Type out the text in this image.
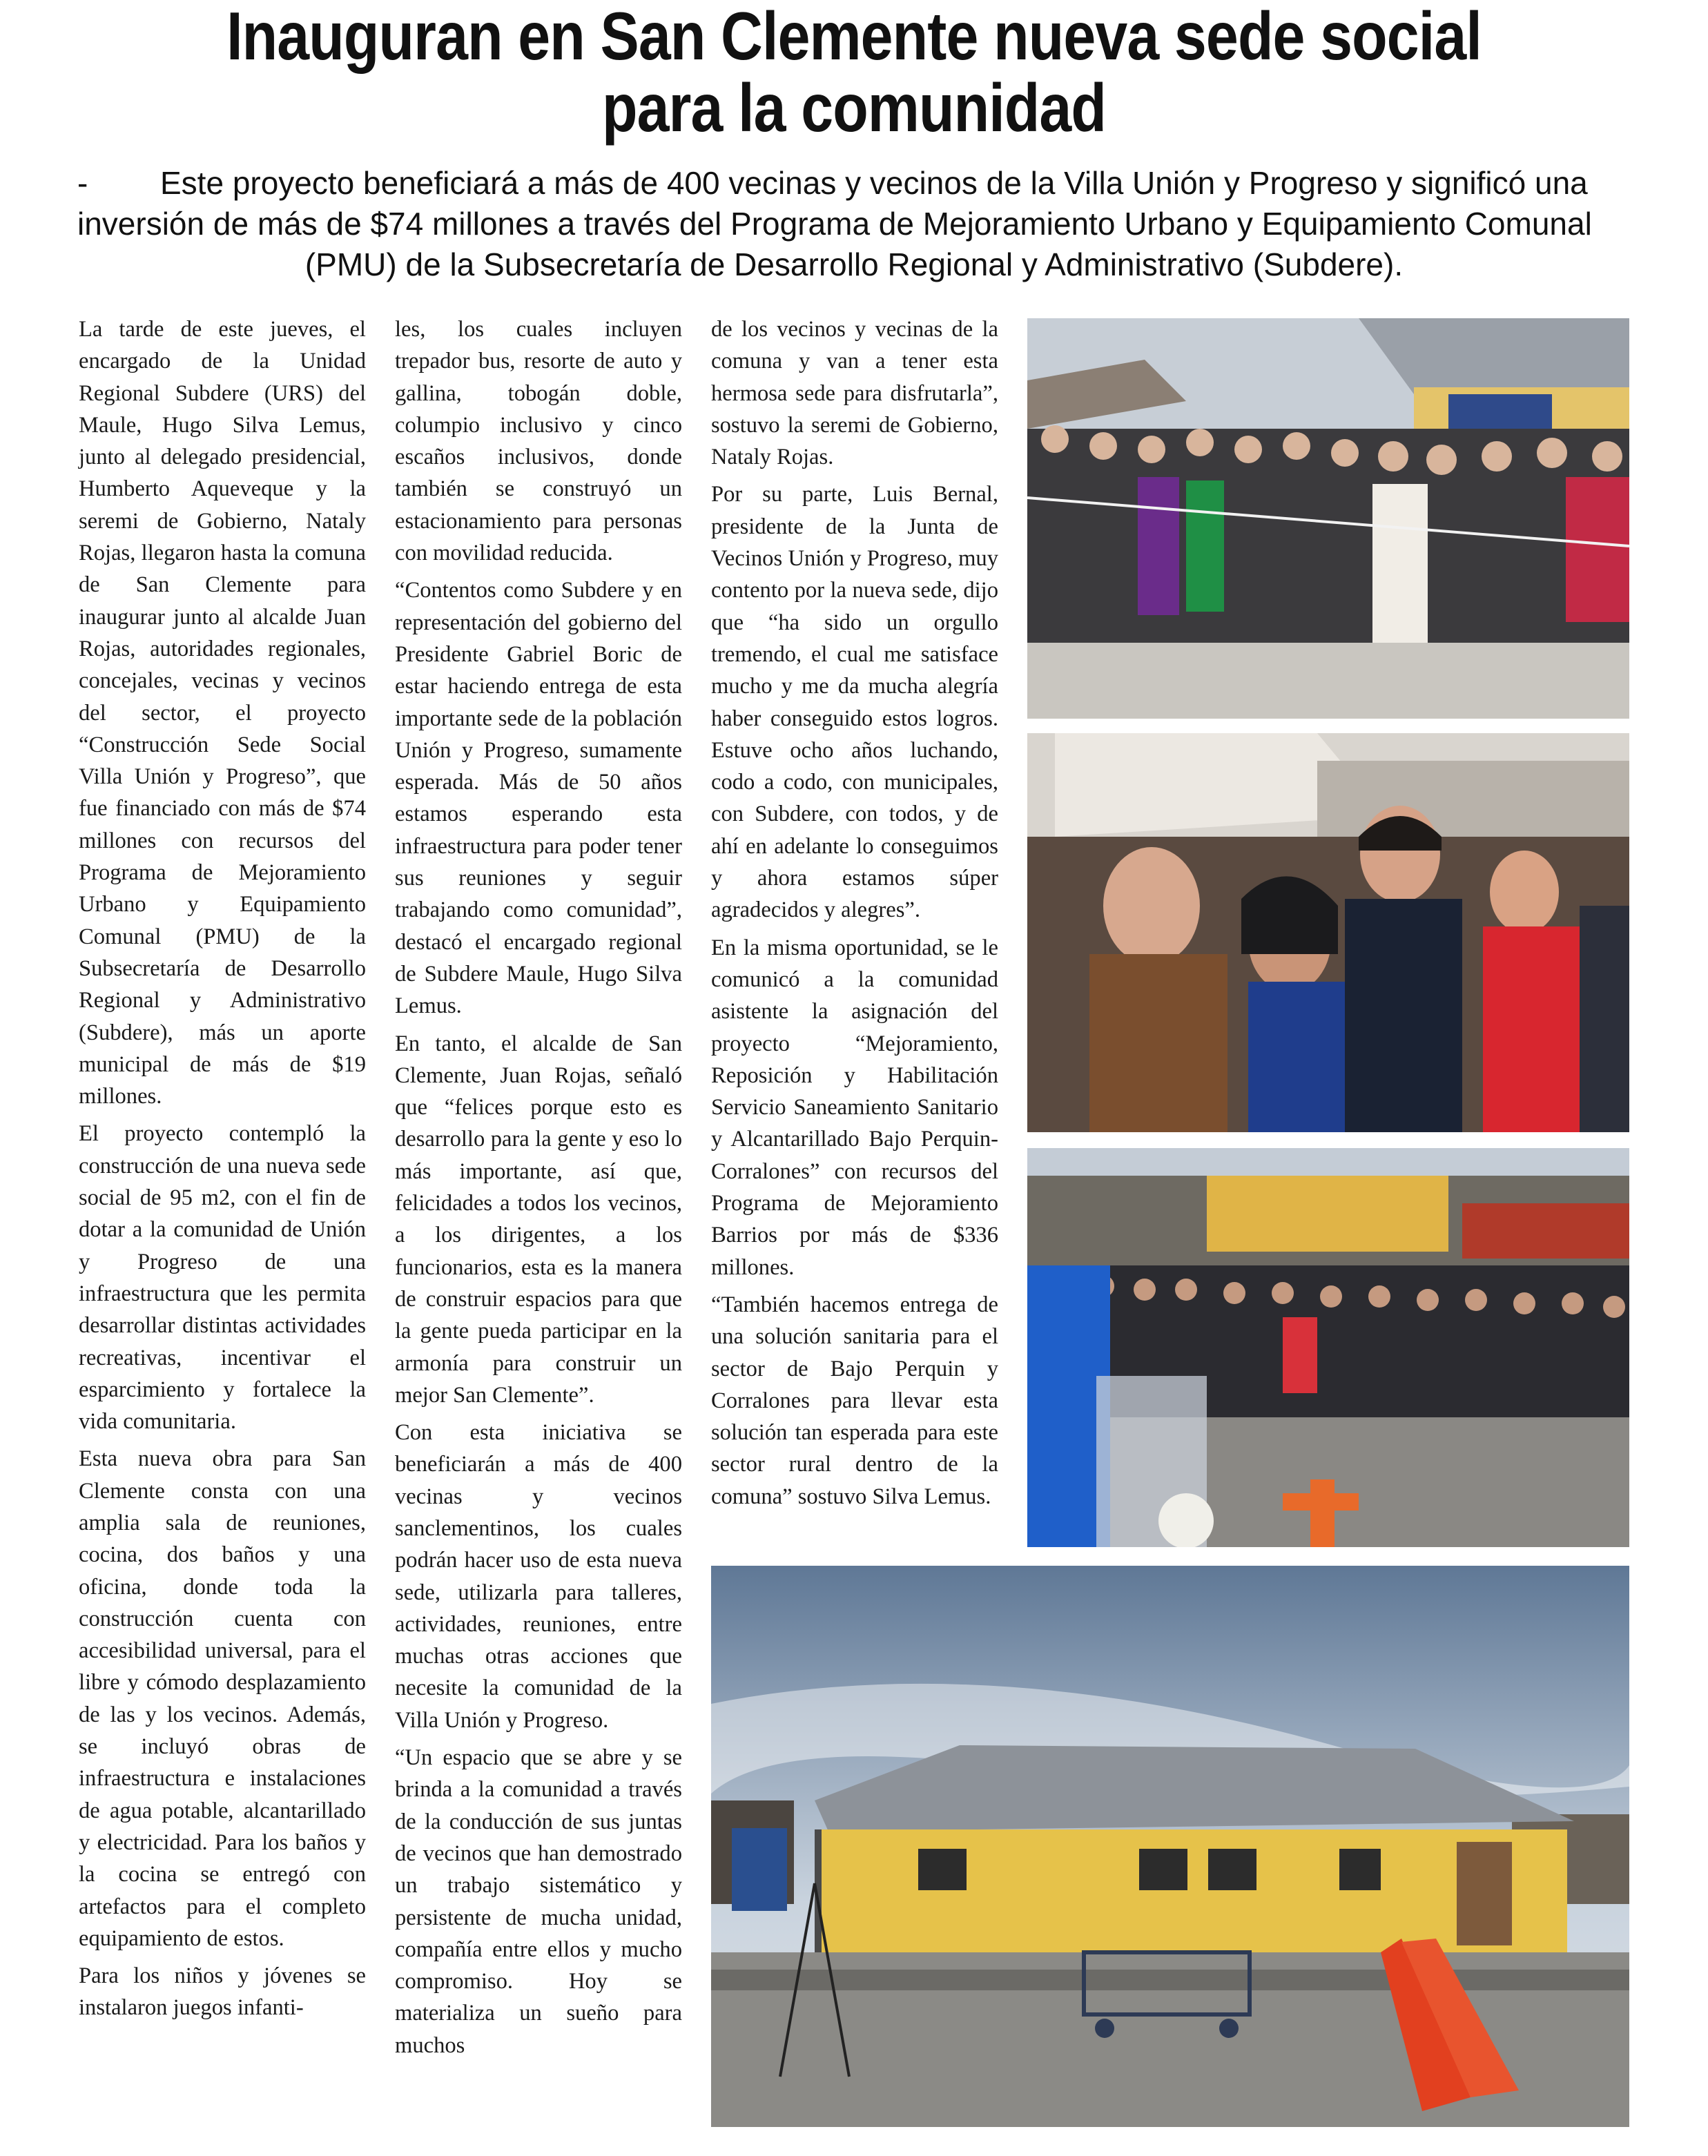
Inauguran en San Clemente nueva sede social
para la comunidad
- Este proyecto beneficiará a más de 400 vecinas y vecinos de la Villa Unión y Progreso y significó una
inversión de más de $74 millones a través del Programa de Mejoramiento Urbano y Equipamiento Comunal
(PMU) de la Subsecretaría de Desarrollo Regional y Administrativo (Subdere).

La tarde de este jueves, el encargado de la Unidad Regional Subdere (URS) del Maule, Hugo Silva Lemus, junto al delegado presidencial, Humberto Aqueveque y la seremi de Gobierno, Nataly Rojas, llegaron hasta la comuna de San Clemente para inaugurar junto al alcalde Juan Rojas, autoridades regionales, concejales, vecinas y vecinos del sector, el proyecto “Construcción Sede Social Villa Unión y Progreso”, que fue financiado con más de $74 millones con recursos del Programa de Mejoramiento Urbano y Equipamiento Comunal (PMU) de la Subsecretaría de Desarrollo Regional y Administrativo (Subdere), más un aporte municipal de más de $19 millones.

El proyecto contempló la construcción de una nueva sede social de 95 m2, con el fin de dotar a la comunidad de Unión y Progreso de una infraestructura que les permita desarrollar distintas actividades recreativas, incentivar el esparcimiento y fortalece la vida comunitaria.

Esta nueva obra para San Clemente consta con una amplia sala de reuniones, cocina, dos baños y una oficina, donde toda la construcción cuenta con accesibilidad universal, para el libre y cómodo desplazamiento de las y los vecinos. Además, se incluyó obras de infraestructura e instalaciones de agua potable, alcantarillado y electricidad. Para los baños y la cocina se entregó con artefactos para el completo equipamiento de estos.

Para los niños y jóvenes se instalaron juegos infanti-

les, los cuales incluyen trepador bus, resorte de auto y gallina, tobogán doble, columpio inclusivo y cinco escaños inclusivos, donde también se construyó un estacionamiento para personas con movilidad reducida.

“Contentos como Subdere y en representación del gobierno del Presidente Gabriel Boric de estar haciendo entrega de esta importante sede de la población Unión y Progreso, sumamente esperada. Más de 50 años estamos esperando esta infraestructura para poder tener sus reuniones y seguir trabajando como comunidad”, destacó el encargado regional de Subdere Maule, Hugo Silva Lemus.

En tanto, el alcalde de San Clemente, Juan Rojas, señaló que “felices porque esto es desarrollo para la gente y eso lo más importante, así que, felicidades a todos los vecinos, a los dirigentes, a los funcionarios, esta es la manera de construir espacios para que la gente pueda participar en la armonía para construir un mejor San Clemente”.

Con esta iniciativa se beneficiarán a más de 400 vecinas y vecinos sanclementinos, los cuales podrán hacer uso de esta nueva sede, utilizarla para talleres, actividades, reuniones, entre muchas otras acciones que necesite la comunidad de la Villa Unión y Progreso.

“Un espacio que se abre y se brinda a la comunidad a través de la conducción de sus juntas de vecinos que han demostrado un trabajo sistemático y persistente de mucha unidad, compañía entre ellos y mucho compromiso. Hoy se materializa un sueño para muchos

de los vecinos y vecinas de la comuna y van a tener esta hermosa sede para disfrutarla”, sostuvo la seremi de Gobierno, Nataly Rojas.

Por su parte, Luis Bernal, presidente de la Junta de Vecinos Unión y Progreso, muy contento por la nueva sede, dijo que “ha sido un orgullo tremendo, el cual me satisface mucho y me da mucha alegría haber conseguido estos logros. Estuve ocho años luchando, codo a codo, con municipales, con Subdere, con todos, y de ahí en adelante lo conseguimos y ahora estamos súper agradecidos y alegres”.

En la misma oportunidad, se le comunicó a la comunidad asistente la asignación del proyecto “Mejoramiento, Reposición y Habilitación Servicio Saneamiento Sanitario y Alcantarillado Bajo Perquin-Corralones” con recursos del Programa de Mejoramiento Barrios por más de $336 millones.

“También hacemos entrega de una solución sanitaria para el sector de Bajo Perquin y Corralones para llevar esta solución tan esperada para este sector rural dentro de la comuna” sostuvo Silva Lemus.
